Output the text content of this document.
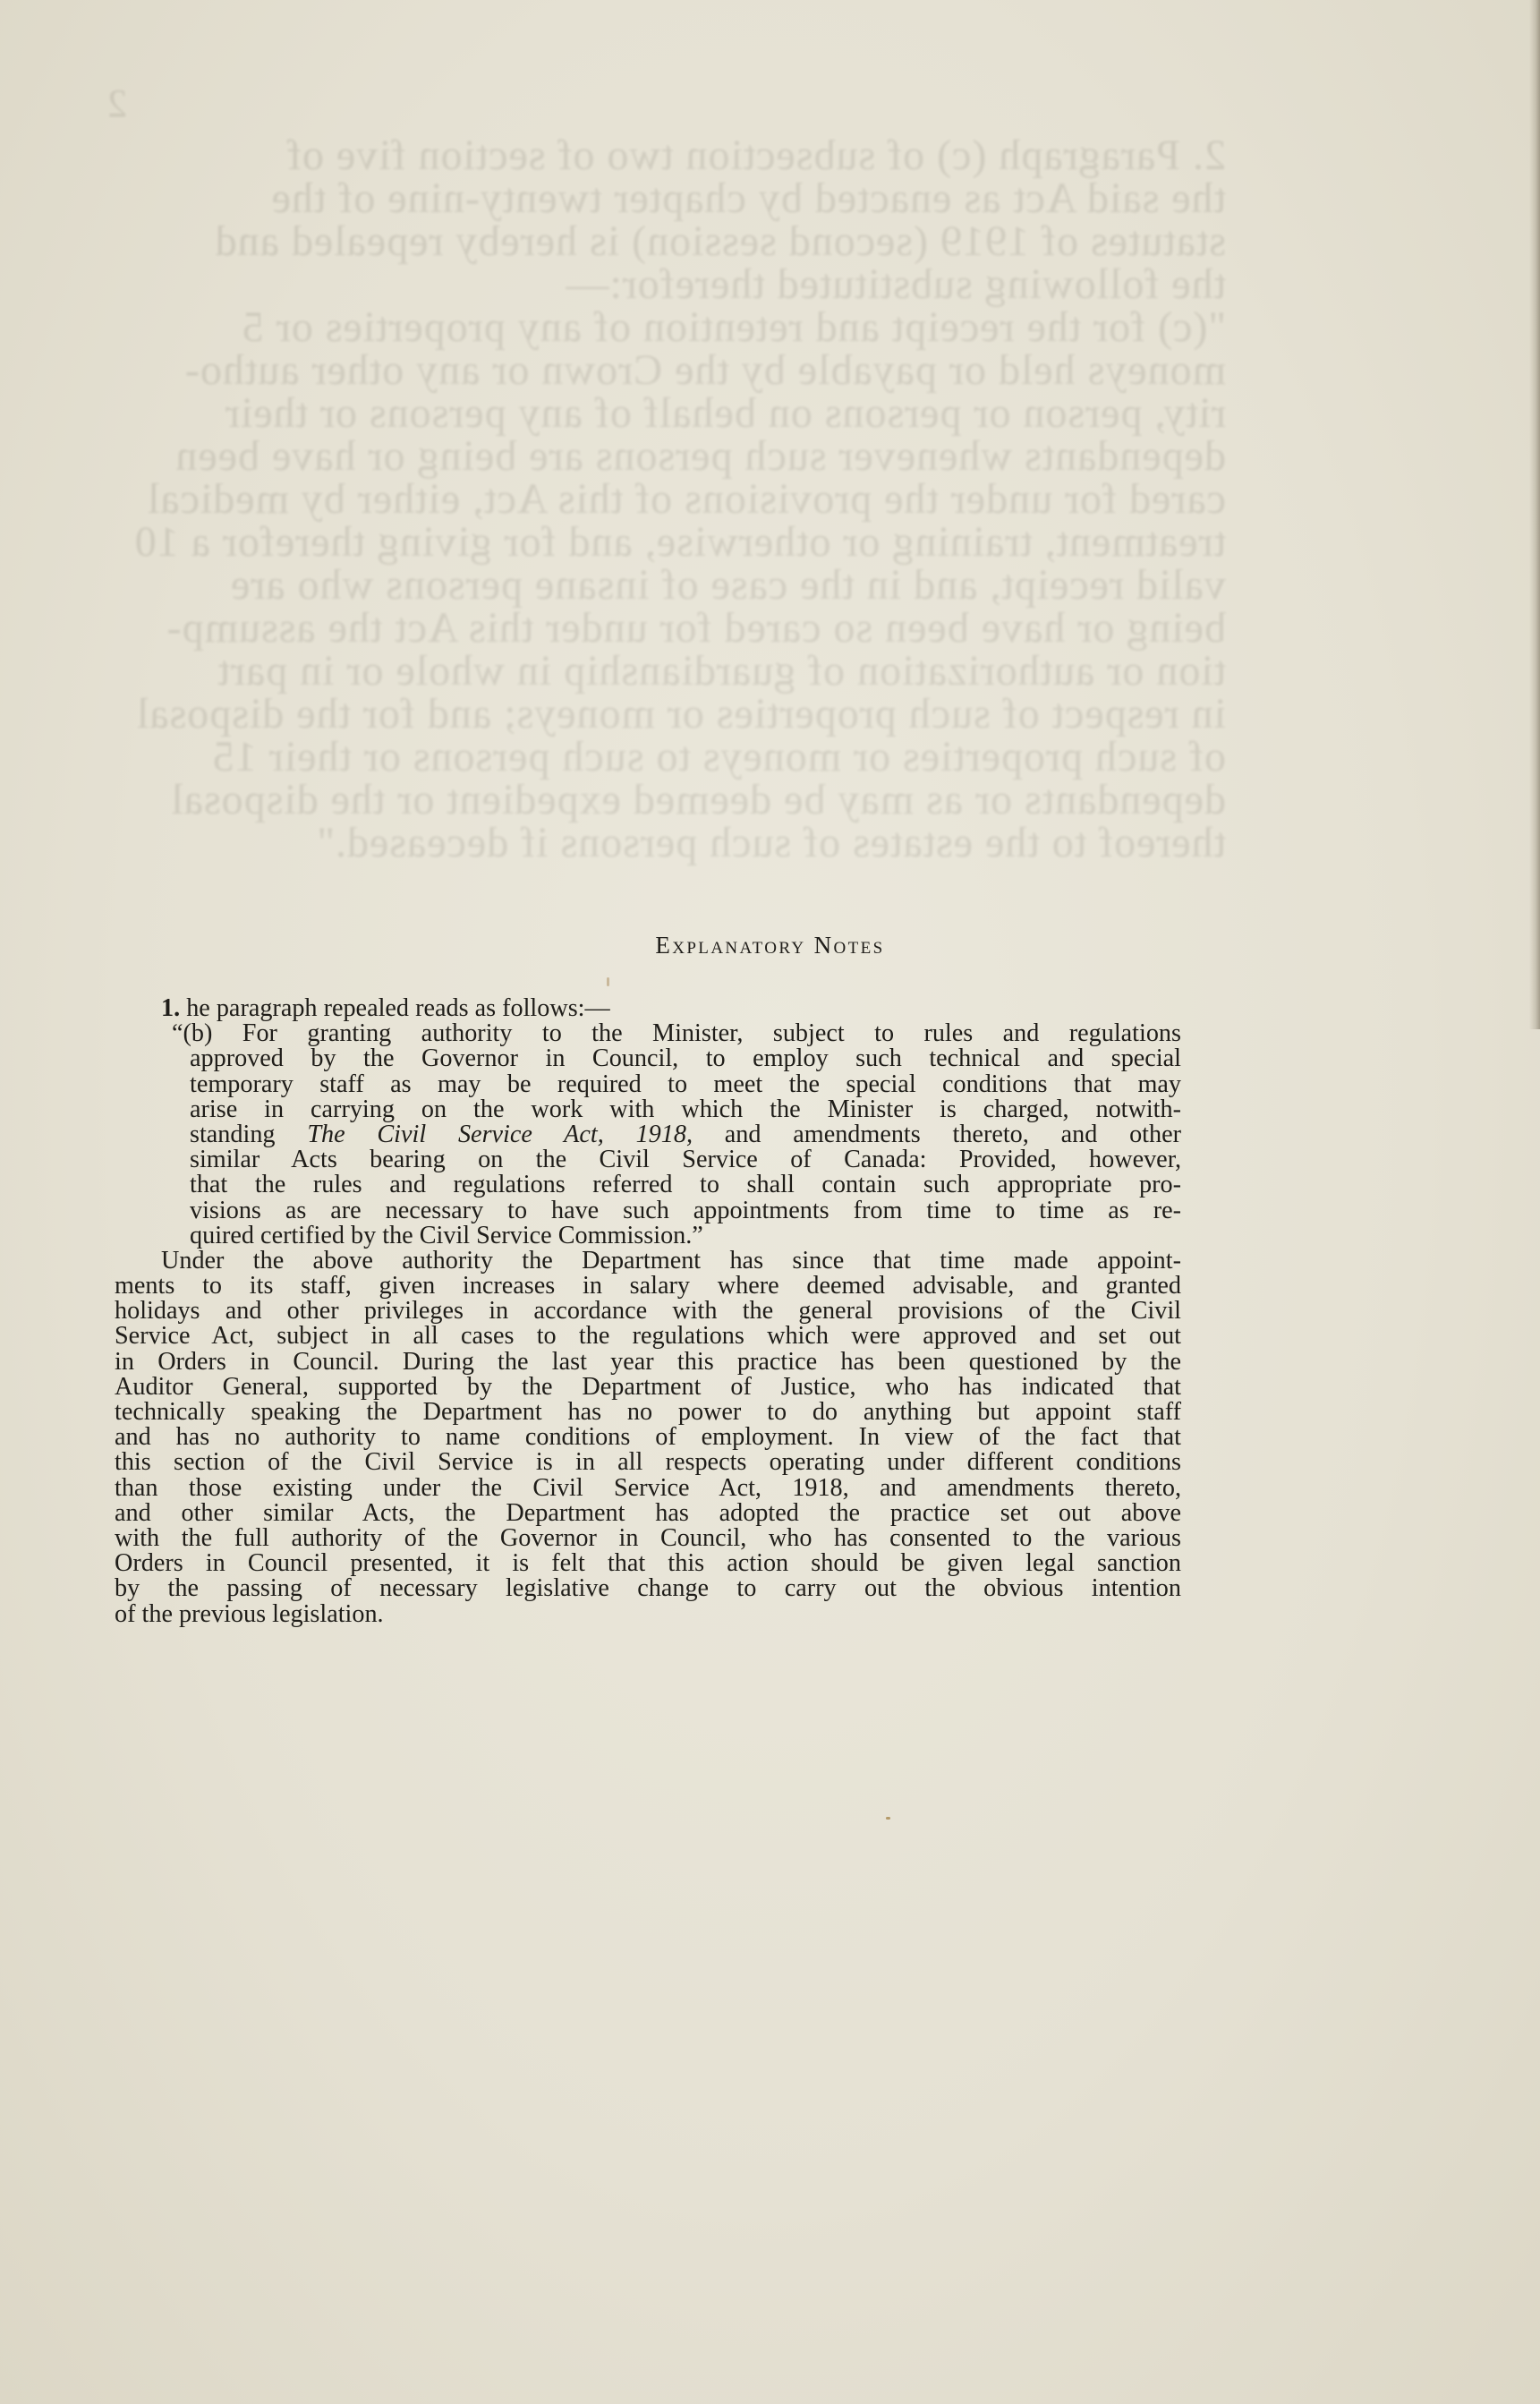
2
2. Paragraph (c) of subsection two of section five of
the said Act as enacted by chapter twenty-nine of the
statutes of 1919 (second session) is hereby repealed and
the following substituted therefor:—
"(c) for the receipt and retention of any properties or 5
moneys held or payable by the Crown or any other autho-
rity, person or persons on behalf of any persons or their
dependants whenever such persons are being or have been
cared for under the provisions of this Act, either by medical
treatment, training or otherwise, and for giving therefor a 10
valid receipt, and in the case of insane persons who are
being or have been so cared for under this Act the assump-
tion or authorization of guardianship in whole or in part
in respect of such properties or moneys; and for the disposal
of such properties or moneys to such persons or their 15
dependants or as may be deemed expedient or the disposal
thereof to the estates of such persons if deceased."
Explanatory Notes
1. he paragraph repealed reads as follows:—
“(b) For granting authority to the Minister, subject to rules and regulations
approved by the Governor in Council, to employ such technical and special
temporary staff as may be required to meet the special conditions that may
arise in carrying on the work with which the Minister is charged, notwith-
standing The Civil Service Act, 1918, and amendments thereto, and other
similar Acts bearing on the Civil Service of Canada: Provided, however,
that the rules and regulations referred to shall contain such appropriate pro-
visions as are necessary to have such appointments from time to time as re-
quired certified by the Civil Service Commission.”
Under the above authority the Department has since that time made appoint-
ments to its staff, given increases in salary where deemed advisable, and granted
holidays and other privileges in accordance with the general provisions of the Civil
Service Act, subject in all cases to the regulations which were approved and set out
in Orders in Council. During the last year this practice has been questioned by the
Auditor General, supported by the Department of Justice, who has indicated that
technically speaking the Department has no power to do anything but appoint staff
and has no authority to name conditions of employment. In view of the fact that
this section of the Civil Service is in all respects operating under different conditions
than those existing under the Civil Service Act, 1918, and amendments thereto,
and other similar Acts, the Department has adopted the practice set out above
with the full authority of the Governor in Council, who has consented to the various
Orders in Council presented, it is felt that this action should be given legal sanction
by the passing of necessary legislative change to carry out the obvious intention
of the previous legislation.
